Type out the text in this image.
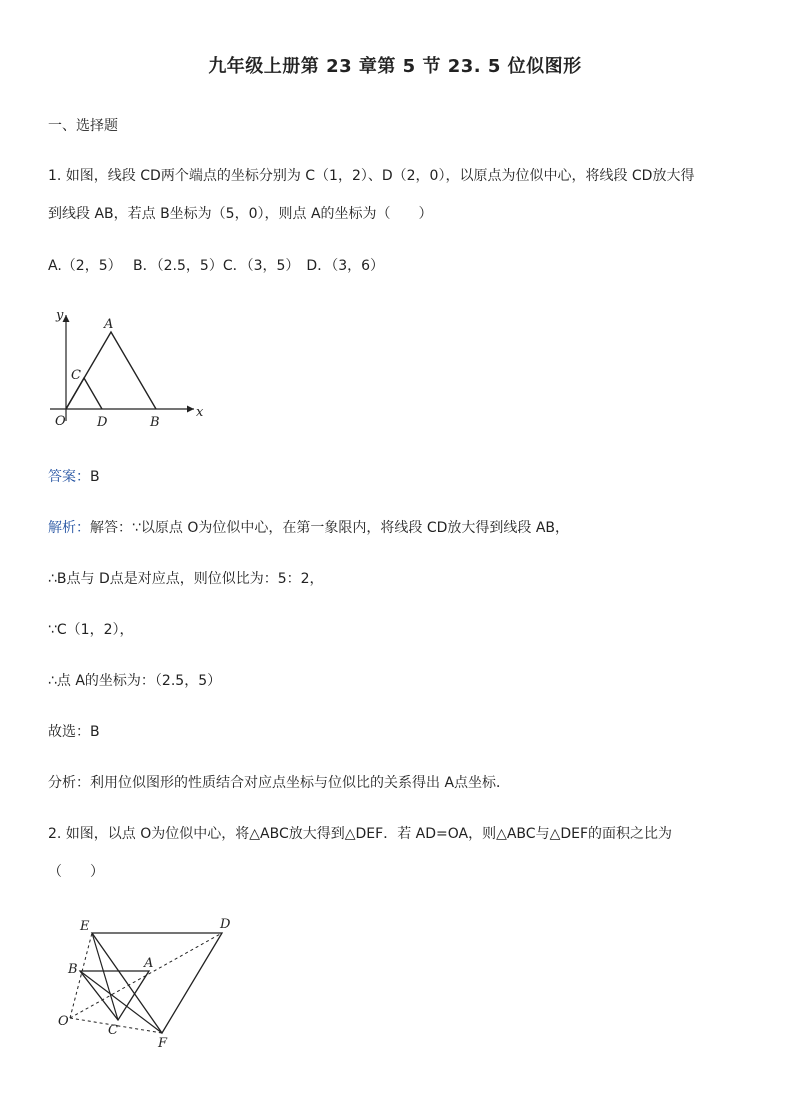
九年级上册第 23 章第 5 节 23. 5 位似图形
一、选择题
1. 如图，线段 CD两个端点的坐标分别为 C（1，2）、D（2，0），以原点为位似中心，将线段 CD放大得
到线段 AB，若点 B坐标为（5，0），则点 A的坐标为（　　）
A.（2，5）　 B．（2.5，5）C．（3，5）　D．（3，6）
y
x
A
C
O D	B
答案：B
解析：解答：∵以原点 O为位似中心，在第一象限内，将线段 CD放大得到线段 AB，
∴B点与 D点是对应点，则位似比为：5：2，
∵C（1，2），
∴点 A的坐标为：（2.5，5）
故选：B
分析：利用位似图形的性质结合对应点坐标与位似比的关系得出 A点坐标．
2. 如图，以点 O为位似中心，将△ABC放大得到△DEF．若 AD=OA，则△ABC与△DEF的面积之比为
（　　）
E	D
B	A
O
C
F
